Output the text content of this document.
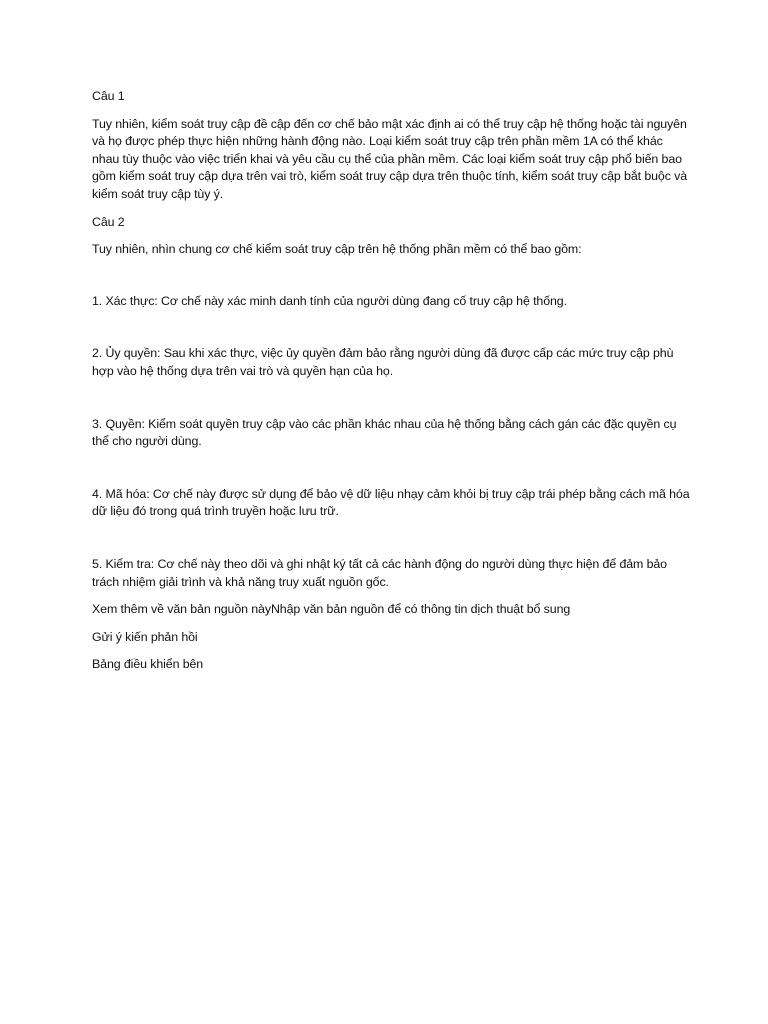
Câu 1

Tuy nhiên, kiểm soát truy cập đề cập đến cơ chế bảo mật xác định ai có thể truy cập hệ thống hoặc tài nguyên và họ được phép thực hiện những hành động nào. Loại kiểm soát truy cập trên phần mềm 1A có thể khác nhau tùy thuộc vào việc triển khai và yêu cầu cụ thể của phần mềm. Các loại kiểm soát truy cập phổ biến bao gồm kiểm soát truy cập dựa trên vai trò, kiểm soát truy cập dựa trên thuộc tính, kiểm soát truy cập bắt buộc và kiểm soát truy cập tùy ý.

Câu 2

Tuy nhiên, nhìn chung cơ chế kiểm soát truy cập trên hệ thống phần mềm có thể bao gồm:

1. Xác thực: Cơ chế này xác minh danh tính của người dùng đang cố truy cập hệ thống.

2. Ủy quyền: Sau khi xác thực, việc ủy quyền đảm bảo rằng người dùng đã được cấp các mức truy cập phù hợp vào hệ thống dựa trên vai trò và quyền hạn của họ.

3. Quyền: Kiểm soát quyền truy cập vào các phần khác nhau của hệ thống bằng cách gán các đặc quyền cụ thể cho người dùng.

4. Mã hóa: Cơ chế này được sử dụng để bảo vệ dữ liệu nhạy cảm khỏi bị truy cập trái phép bằng cách mã hóa dữ liệu đó trong quá trình truyền hoặc lưu trữ.

5. Kiểm tra: Cơ chế này theo dõi và ghi nhật ký tất cả các hành động do người dùng thực hiện để đảm bảo trách nhiệm giải trình và khả năng truy xuất nguồn gốc.

Xem thêm về văn bản nguồn nàyNhập văn bản nguồn để có thông tin dịch thuật bổ sung

Gửi ý kiến phản hồi

Bảng điều khiển bên
